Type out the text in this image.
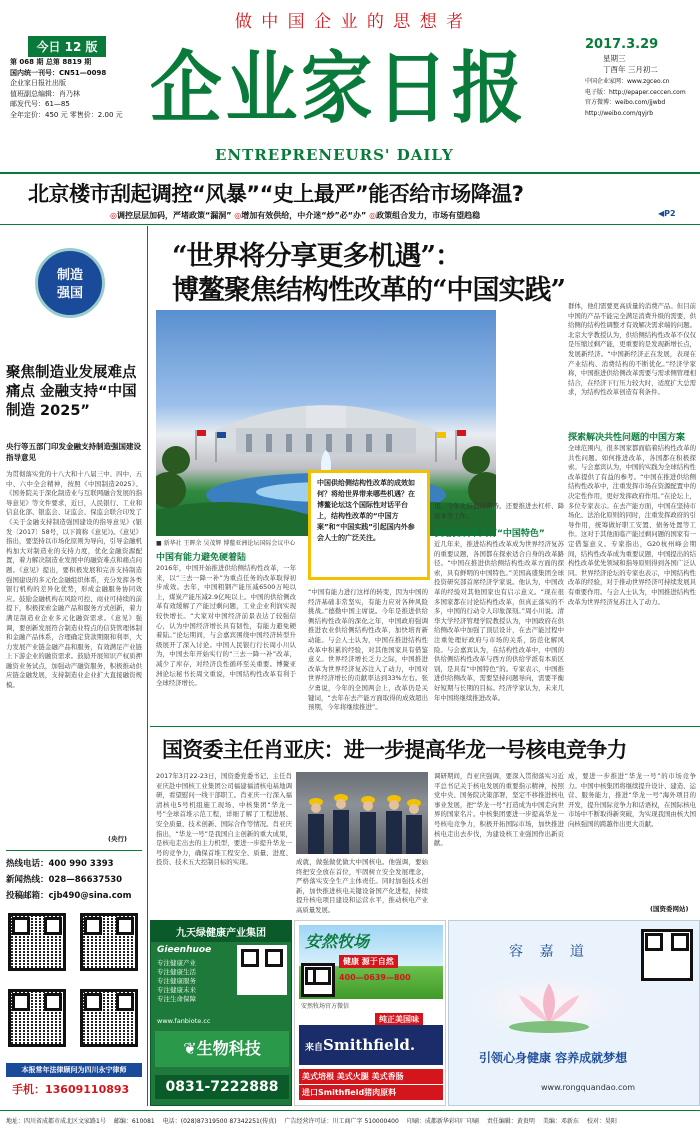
做 中 国 企 业 的 思 想 者
今日 12 版
第 068 期 总第 8819 期
国内统一刊号：CN51—0098
企业家日报社出版
值班副总编辑：肖乃林
邮发代号：61—85
全年定价：450 元 零售价：2.00 元 企业家日报
ENTREPRENEURS' DAILY
2017.3.29
星期三
丁酉年 三月初二
中国企业家网：www.zgceo.cn
电子版：http://epaper.ceccen.com
官方微博：weibo.com/jjwbd
http://weibo.com/qyjrb
北京楼市刮起调控“风暴”“史上最严”能否给市场降温?
◎调控层层加码，严堵政策“漏洞” ◎增加有效供给，中介迷“炒”必“办” ◎政策组合发力，市场有望趋稳	◀P2
制造
强国
聚焦制造业发展难点痛点 金融支持“中国制造 2025”
央行等五部门印发金融支持制造强国建设指导意见
为贯彻落实党的十八大和十八届三中、四中、五中、六中全会精神，按照《中国制造2025》、《国务院关于深化制造业与互联网融合发展的指导意见》等文件要求，近日，人民银行、工业和信息化部、银监会、证监会、保监会联合印发了《关于金融支持制造强国建设的指导意见》(银发〔2017〕58号，以下简称《意见》)。《意见》指出，要坚持以市场化原则为导向，引导金融机构加大对制造业的支持力度，优化金融资源配置，着力解决制造业发展中的融资难点和痛点问题。《意见》提出，要积极发展和完善支持制造强国建设的多元化金融组织体系，充分发挥各类银行机构的差异化优势，形成金融服务协同效应。鼓励金融机构在风险可控、商业可持续的前提下，积极探索金融产品和服务方式创新，着力满足制造业企业多元化融资需求。《意见》强调，要创新发展符合制造业特点的信贷管理体制和金融产品体系，合理确定贷款期限和利率，大力发展产业链金融产品和服务，有效满足产业链上下游企业的融资需求。鼓励开展知识产权质押融资业务试点，加强动产融资服务，积极推动供应链金融发展，支持制造业企业扩大直接融资规模。
(央行)
热线电话：400 990 3393
新闻热线：028—86637530
投稿邮箱：cjb490@sina.com
本报常年法律顾问为四川永宁律师
手机：13609110893
“世界将分享更多机遇”：
博鳌聚焦结构性改革的“中国实践”
■ 新华社 王晖余 吴茂辉 博鳌亚洲论坛国际会议中心
中国供给侧结构性改革的成效如何？将给世界带来哪些机遇？在博鳌论坛这个国际性对话平台上，结构性改革的“中国方案”和“中国实践”引起国内外参会人士的广泛关注。
中国有能力避免硬着陆
2016年，中国开始推进供给侧结构性改革，一年来，以“三去一降一补”为重点任务的改革取得初步成效。去年，中国粗钢产能压减6500万吨以上，煤炭产能压减2.9亿吨以上。中国的供给侧改革有效缓解了产能过剩问题，工业企业利润实现较快增长。“大家对中国经济前景表达了较强信心，认为中国经济增长具有韧性，有能力避免硬着陆。”论坛期间，与会嘉宾围绕中国经济转型升级展开了深入讨论。中国人民银行行长周小川认为，中国去年开始实行的“三去一降一补”改革，减少了库存，对经济良性循环至关重要。博鳌亚洲论坛秘书长周文重说，中国结构性改革有利于全球经济增长。
“中国有能力进行这样的转变，因为中国的经济基础非常坚实，有能力应对各种风险挑战。”德勤中国主席说。今年是推进供给侧结构性改革的深化之年，中国政府强调推进农业供给侧结构性改革，加快培育新动能。与会人士认为，中国在推进结构性改革中积累的经验，对其他国家具有借鉴意义。世界经济增长乏力之际，中国推进改革为世界经济复苏注入了动力，中国对世界经济增长的贡献率达到33%左右。张夕勇说，今年的全国两会上，改革仍是关键词，“去年在去产能方面取得的成效超出预期，今年将继续推进”。
用，今年比较值得期待。还要推进去杠杆、降成本等工作。
供给侧改革具有“中国特色”
近几年来，推进结构性改革成为世界经济复苏的重要议题，各国都在探索适合自身的改革路径。“中国在推进供给侧结构性改革方面的探索，具有鲜明的中国特色。”美国高盛集团全球投资研究部首席经济学家说。他认为，中国改革的经验对其他国家也有启示意义。“现在很多国家都在讨论结构性改革，但真正落实的不多，中国的行动令人印象深刻。”周小川说。清华大学经济管理学院教授认为，中国政府在供给侧改革中加强了顶层设计，在去产能过程中注重处理好政府与市场的关系，防范化解风险。与会嘉宾认为，在结构性改革中，中国的供给侧结构性改革与西方的供给学派有本质区别，是具有“中国特色”的。专家表示，中国推进供给侧改革，需要坚持问题导向，需要平衡好短期与长期的目标。经济学家认为，未来几年中国将继续推进改革。
群体，他们需要更高质量的消费产品。但目前中国的产品不能完全满足消费升级的需要，供给侧的结构性调整才有效解决需求端的问题。北京大学教授认为，供给侧结构性改革不仅仅是压缩过剩产能，更重要的是发现新增长点，发展新经济。“中国新经济正在发展，表现在产业结构、消费结构的不断优化。”经济学家称，中国推进供给侧改革需要与需求侧管理相结合，在经济下行压力较大时，适度扩大总需求，为结构性改革创造有利条件。
探索解决共性问题的中国方案
全球范围内，很多国家都面临着结构性改革的共性问题。如何推进改革，各国都在积极探索。与会嘉宾认为，中国的实践为全球结构性改革提供了有益的参考。“中国在推进供给侧结构性改革中，注重发挥市场在资源配置中的决定性作用，更好发挥政府作用。”在论坛上，多位专家表示。在去产能方面，中国在坚持市场化、法治化原则的同时，注重发挥政府的引导作用，统筹做好职工安置、债务处置等工作。这对于其他面临产能过剩问题的国家有一定借鉴意义。专家指出，G20杭州峰会期间，结构性改革成为重要议题，中国提出的结构性改革优先领域和指导原则得到各国广泛认同。世界经济论坛的专家也表示，中国结构性改革的经验，对于推动世界经济可持续发展具有重要作用。与会人士认为，中国推进结构性改革为世界经济复苏注入了动力。
国资委主任肖亚庆：进一步提高华龙一号核电竞争力
2017年3月22-23日，国资委党委书记、主任肖亚庆赴中国核工业集团公司福建福清核电基地调研，看望慰问一线干部职工。肖亚庆一行深入福清核电5号机组施工现场、中核集团“华龙一号”全球首堆示范工程，详细了解了工程进展、安全质量、技术创新、国际合作等情况。肖亚庆指出，“华龙一号”是我国自主创新的重大成果，是核电走出去的主力机型，要进一步提升华龙一号的竞争力，确保首堆工程安全、质量、进度、投资、技术五大控制目标的实现。	成就，做强做优做大中国核电。他强调，要始终把安全放在首位，牢固树立安全发展理念，严格落实安全生产主体责任。同时加强技术创新，加快推进核电关键设备国产化进程，持续提升核电项目建设和运营水平，推动核电产业高质量发展。
调研期间，肖亚庆强调，要深入贯彻落实习近平总书记关于核电发展的重要指示精神，按照党中央、国务院决策部署，坚定不移推进核电事业发展，把“华龙一号”打造成为中国走向世界的国家名片。中核集团要进一步提高华龙一号核电竞争力，积极开拓国际市场，加快推进核电走出去步伐，为建设核工业强国作出新贡献。
成，要进一步推进“华龙一号”的市场竞争力。中国中核集团将继续提升设计、建造、运营、服务能力，推进“华龙一号”海外项目的开发，提升国际竞争力和话语权，在国际核电市场中不断取得新突破，为实现我国由核大国向核强国的跨越作出更大贡献。
(国资委网站)
九天绿健康产业集团
Gieenhuoe
专注健康产业
专注健康生活
专注健康服务
专注健康未来
专注生命保障
www.fanbiote.cc
❦生物科技
0831-7222888
安然牧场
健康 源于自然
400—0639—800
安然牧场官方微信
纯正美国味
来自Smithfield.
美式培根 美式火腿 美式香肠
进口Smithfield猪肉原料
容 嘉 道
引领心身健康 容养成就梦想
www.rongquandao.com
地址：四川省成都市成北区文家路1号 邮编：610081 电话：(028)87319500 87342251(传真) 广告经营许可证：川工商广字 510000400 印刷：成都新华彩印厂印刷 责任编辑：黄贵明 美编：邓新东 校对：昊阳
